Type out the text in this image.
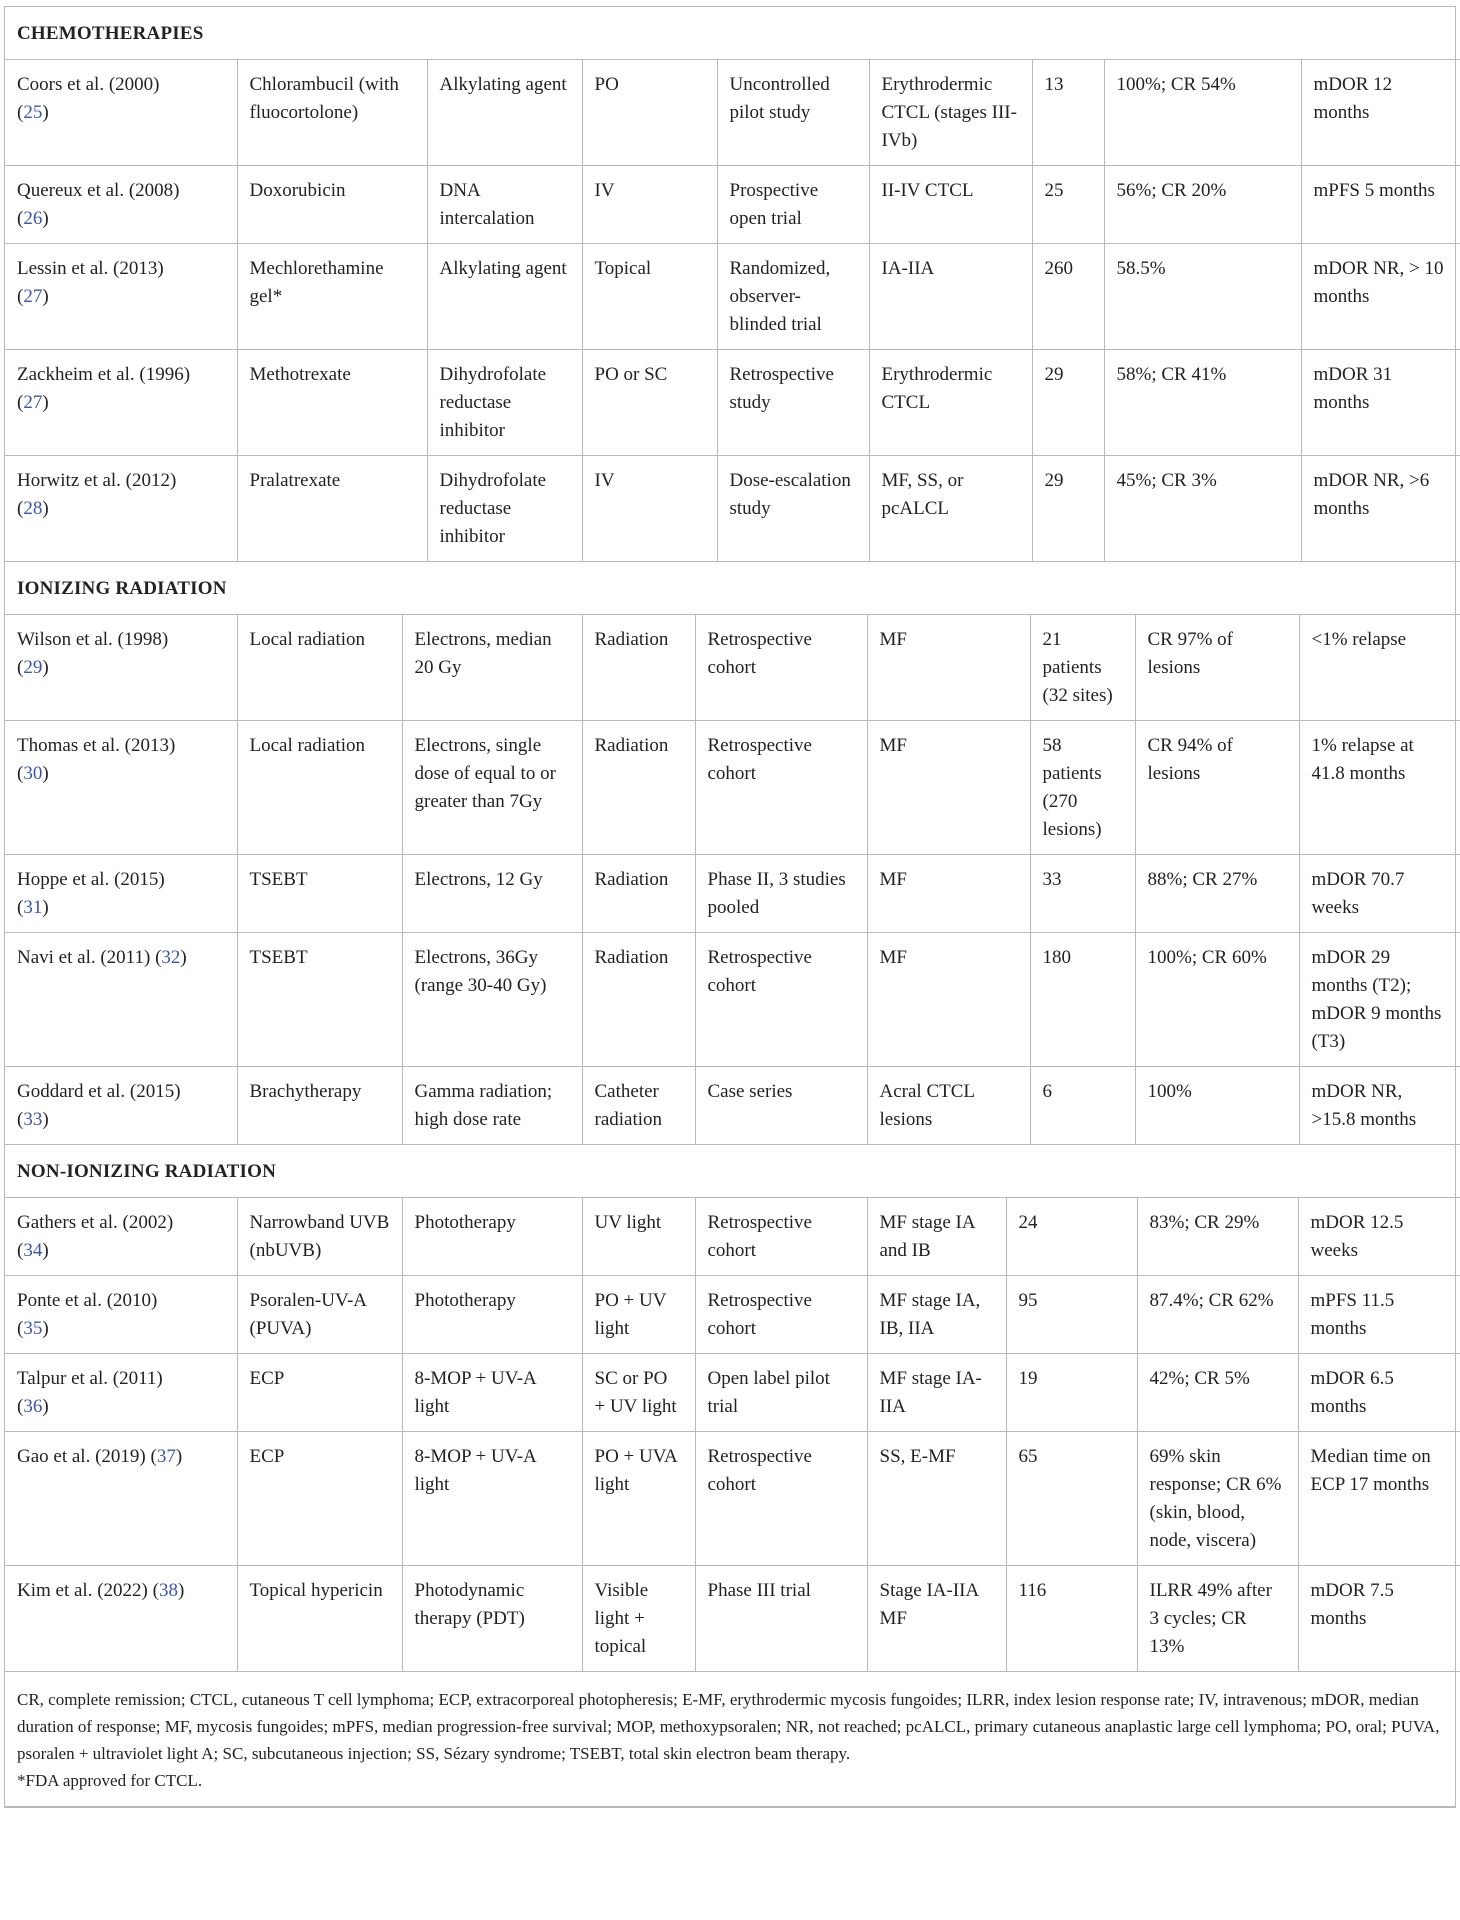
CHEMOTHERAPIES								
Coors et al. (2000)
(25)	Chlorambucil (with fluocortolone)	Alkylating agent	PO	Uncontrolled pilot study	Erythrodermic CTCL (stages III-IVb)	13	100%; CR 54%	mDOR 12 months
Quereux et al. (2008)
(26)	Doxorubicin	DNA intercalation	IV	Prospective open trial	II-IV CTCL	25	56%; CR 20%	mPFS 5 months
Lessin et al. (2013)
(27)	Mechlorethamine gel*	Alkylating agent	Topical	Randomized, observer-blinded trial	IA-IIA	260	58.5%	mDOR NR, > 10 months
Zackheim et al. (1996)
(27)	Methotrexate	Dihydrofolate reductase inhibitor	PO or SC	Retrospective study	Erythrodermic CTCL	29	58%; CR 41%	mDOR 31 months
Horwitz et al. (2012)
(28)	Pralatrexate	Dihydrofolate reductase inhibitor	IV	Dose-escalation study	MF, SS, or pcALCL	29	45%; CR 3%	mDOR NR, >6 months
IONIZING RADIATION								
Wilson et al. (1998)
(29)	Local radiation	Electrons, median 20 Gy	Radiation	Retrospective cohort	MF	21 patients (32 sites)	CR 97% of lesions	<1% relapse
Thomas et al. (2013)
(30)	Local radiation	Electrons, single dose of equal to or greater than 7Gy	Radiation	Retrospective cohort	MF	58 patients (270 lesions)	CR 94% of lesions	1% relapse at 41.8 months
Hoppe et al. (2015)
(31)	TSEBT	Electrons, 12 Gy	Radiation	Phase II, 3 studies pooled	MF	33	88%; CR 27%	mDOR 70.7 weeks
Navi et al. (2011) (32)	TSEBT	Electrons, 36Gy (range 30-40 Gy)	Radiation	Retrospective cohort	MF	180	100%; CR 60%	mDOR 29 months (T2); mDOR 9 months (T3)
Goddard et al. (2015)
(33)	Brachytherapy	Gamma radiation; high dose rate	Catheter radiation	Case series	Acral CTCL lesions	6	100%	mDOR NR, >15.8 months
NON-IONIZING RADIATION								
Gathers et al. (2002)
(34)	Narrowband UVB (nbUVB)	Phototherapy	UV light	Retrospective cohort	MF stage IA and IB	24	83%; CR 29%	mDOR 12.5 weeks
Ponte et al. (2010)
(35)	Psoralen-UV-A (PUVA)	Phototherapy	PO + UV light	Retrospective cohort	MF stage IA, IB, IIA	95	87.4%; CR 62%	mPFS 11.5 months
Talpur et al. (2011)
(36)	ECP	8-MOP + UV-A light	SC or PO + UV light	Open label pilot trial	MF stage IA-IIA	19	42%; CR 5%	mDOR 6.5 months
Gao et al. (2019) (37)	ECP	8-MOP + UV-A light	PO + UVA light	Retrospective cohort	SS, E-MF	65	69% skin response; CR 6% (skin, blood, node, viscera)	Median time on ECP 17 months
Kim et al. (2022) (38)	Topical hypericin	Photodynamic therapy (PDT)	Visible light + topical	Phase III trial	Stage IA-IIA MF	116	ILRR 49% after 3 cycles; CR 13%	mDOR 7.5 months
CR, complete remission; CTCL, cutaneous T cell lymphoma; ECP, extracorporeal photopheresis; E-MF, erythrodermic mycosis fungoides; ILRR, index lesion response rate; IV, intravenous; mDOR, median duration of response; MF, mycosis fungoides; mPFS, median progression-free survival; MOP, methoxypsoralen; NR, not reached; pcALCL, primary cutaneous anaplastic large cell lymphoma; PO, oral; PUVA, psoralen + ultraviolet light A; SC, subcutaneous injection; SS, Sézary syndrome; TSEBT, total skin electron beam therapy.
*FDA approved for CTCL.
